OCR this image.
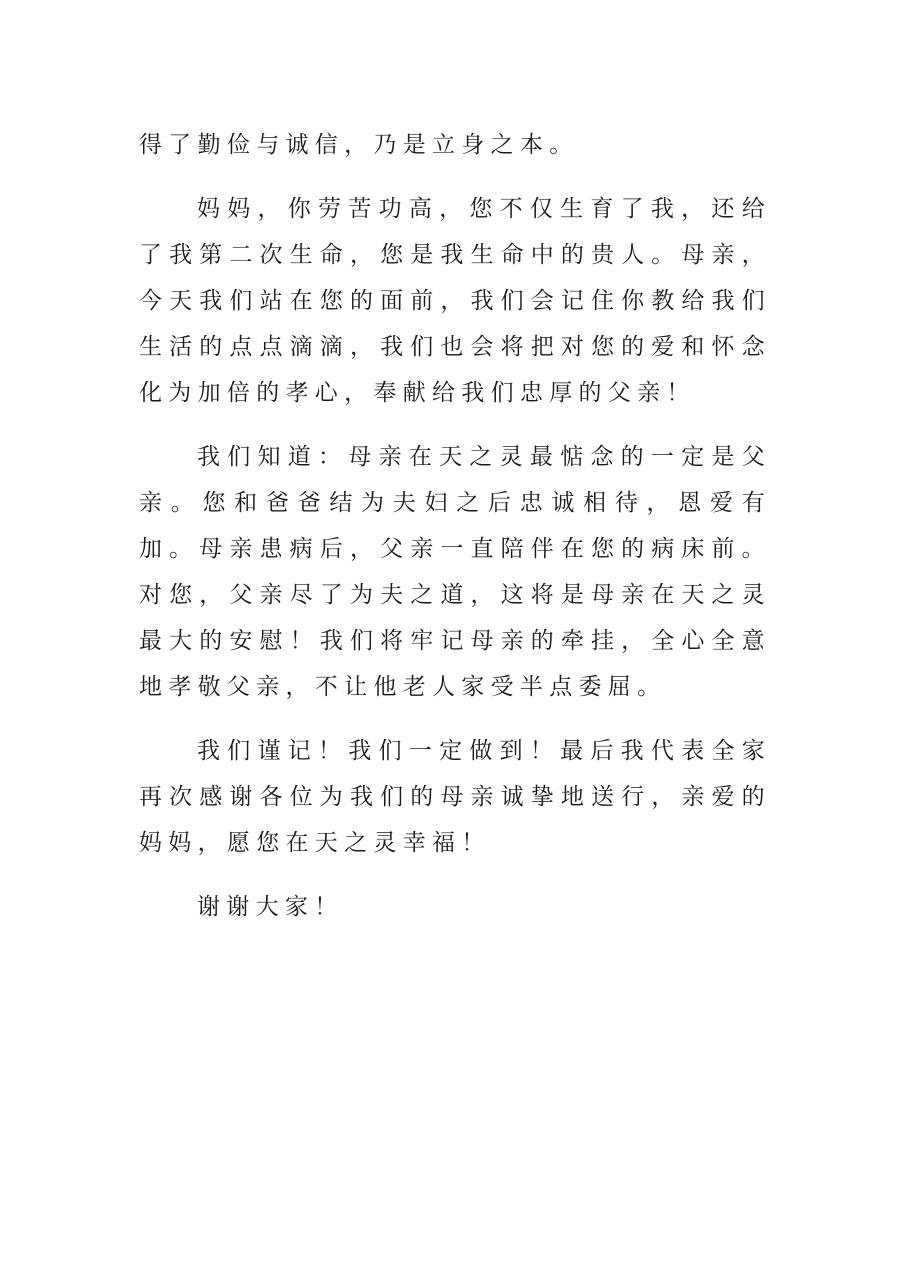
得了勤俭与诚信，乃是立身之本。

妈妈，你劳苦功高，您不仅生育了我，还给了我第二次生命，您是我生命中的贵人。母亲，今天我们站在您的面前，我们会记住你教给我们生活的点点滴滴，我们也会将把对您的爱和怀念化为加倍的孝心，奉献给我们忠厚的父亲！

我们知道：母亲在天之灵最惦念的一定是父亲。您和爸爸结为夫妇之后忠诚相待，恩爱有加。母亲患病后，父亲一直陪伴在您的病床前。对您，父亲尽了为夫之道，这将是母亲在天之灵最大的安慰！我们将牢记母亲的牵挂，全心全意地孝敬父亲，不让他老人家受半点委屈。

我们谨记！我们一定做到！最后我代表全家再次感谢各位为我们的母亲诚挚地送行，亲爱的妈妈，愿您在天之灵幸福！

谢谢大家！
